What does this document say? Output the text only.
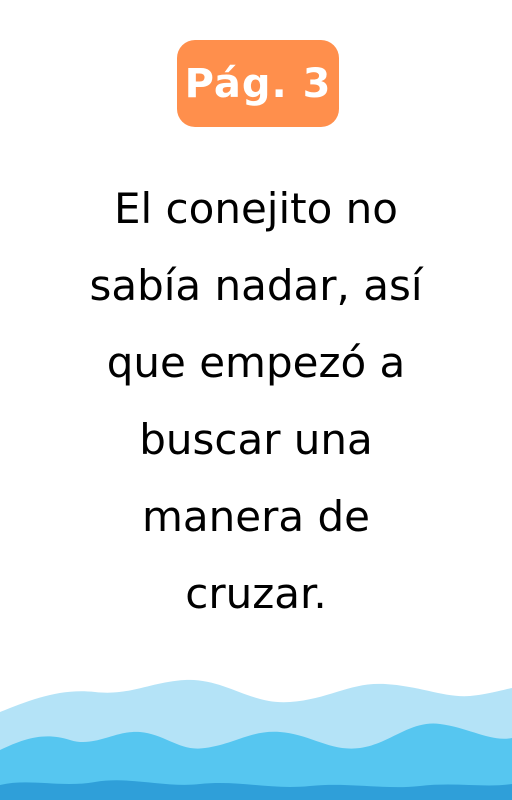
Pág. 3
El conejito no
sabía nadar, así
que empezó a
buscar una
manera de
cruzar.
